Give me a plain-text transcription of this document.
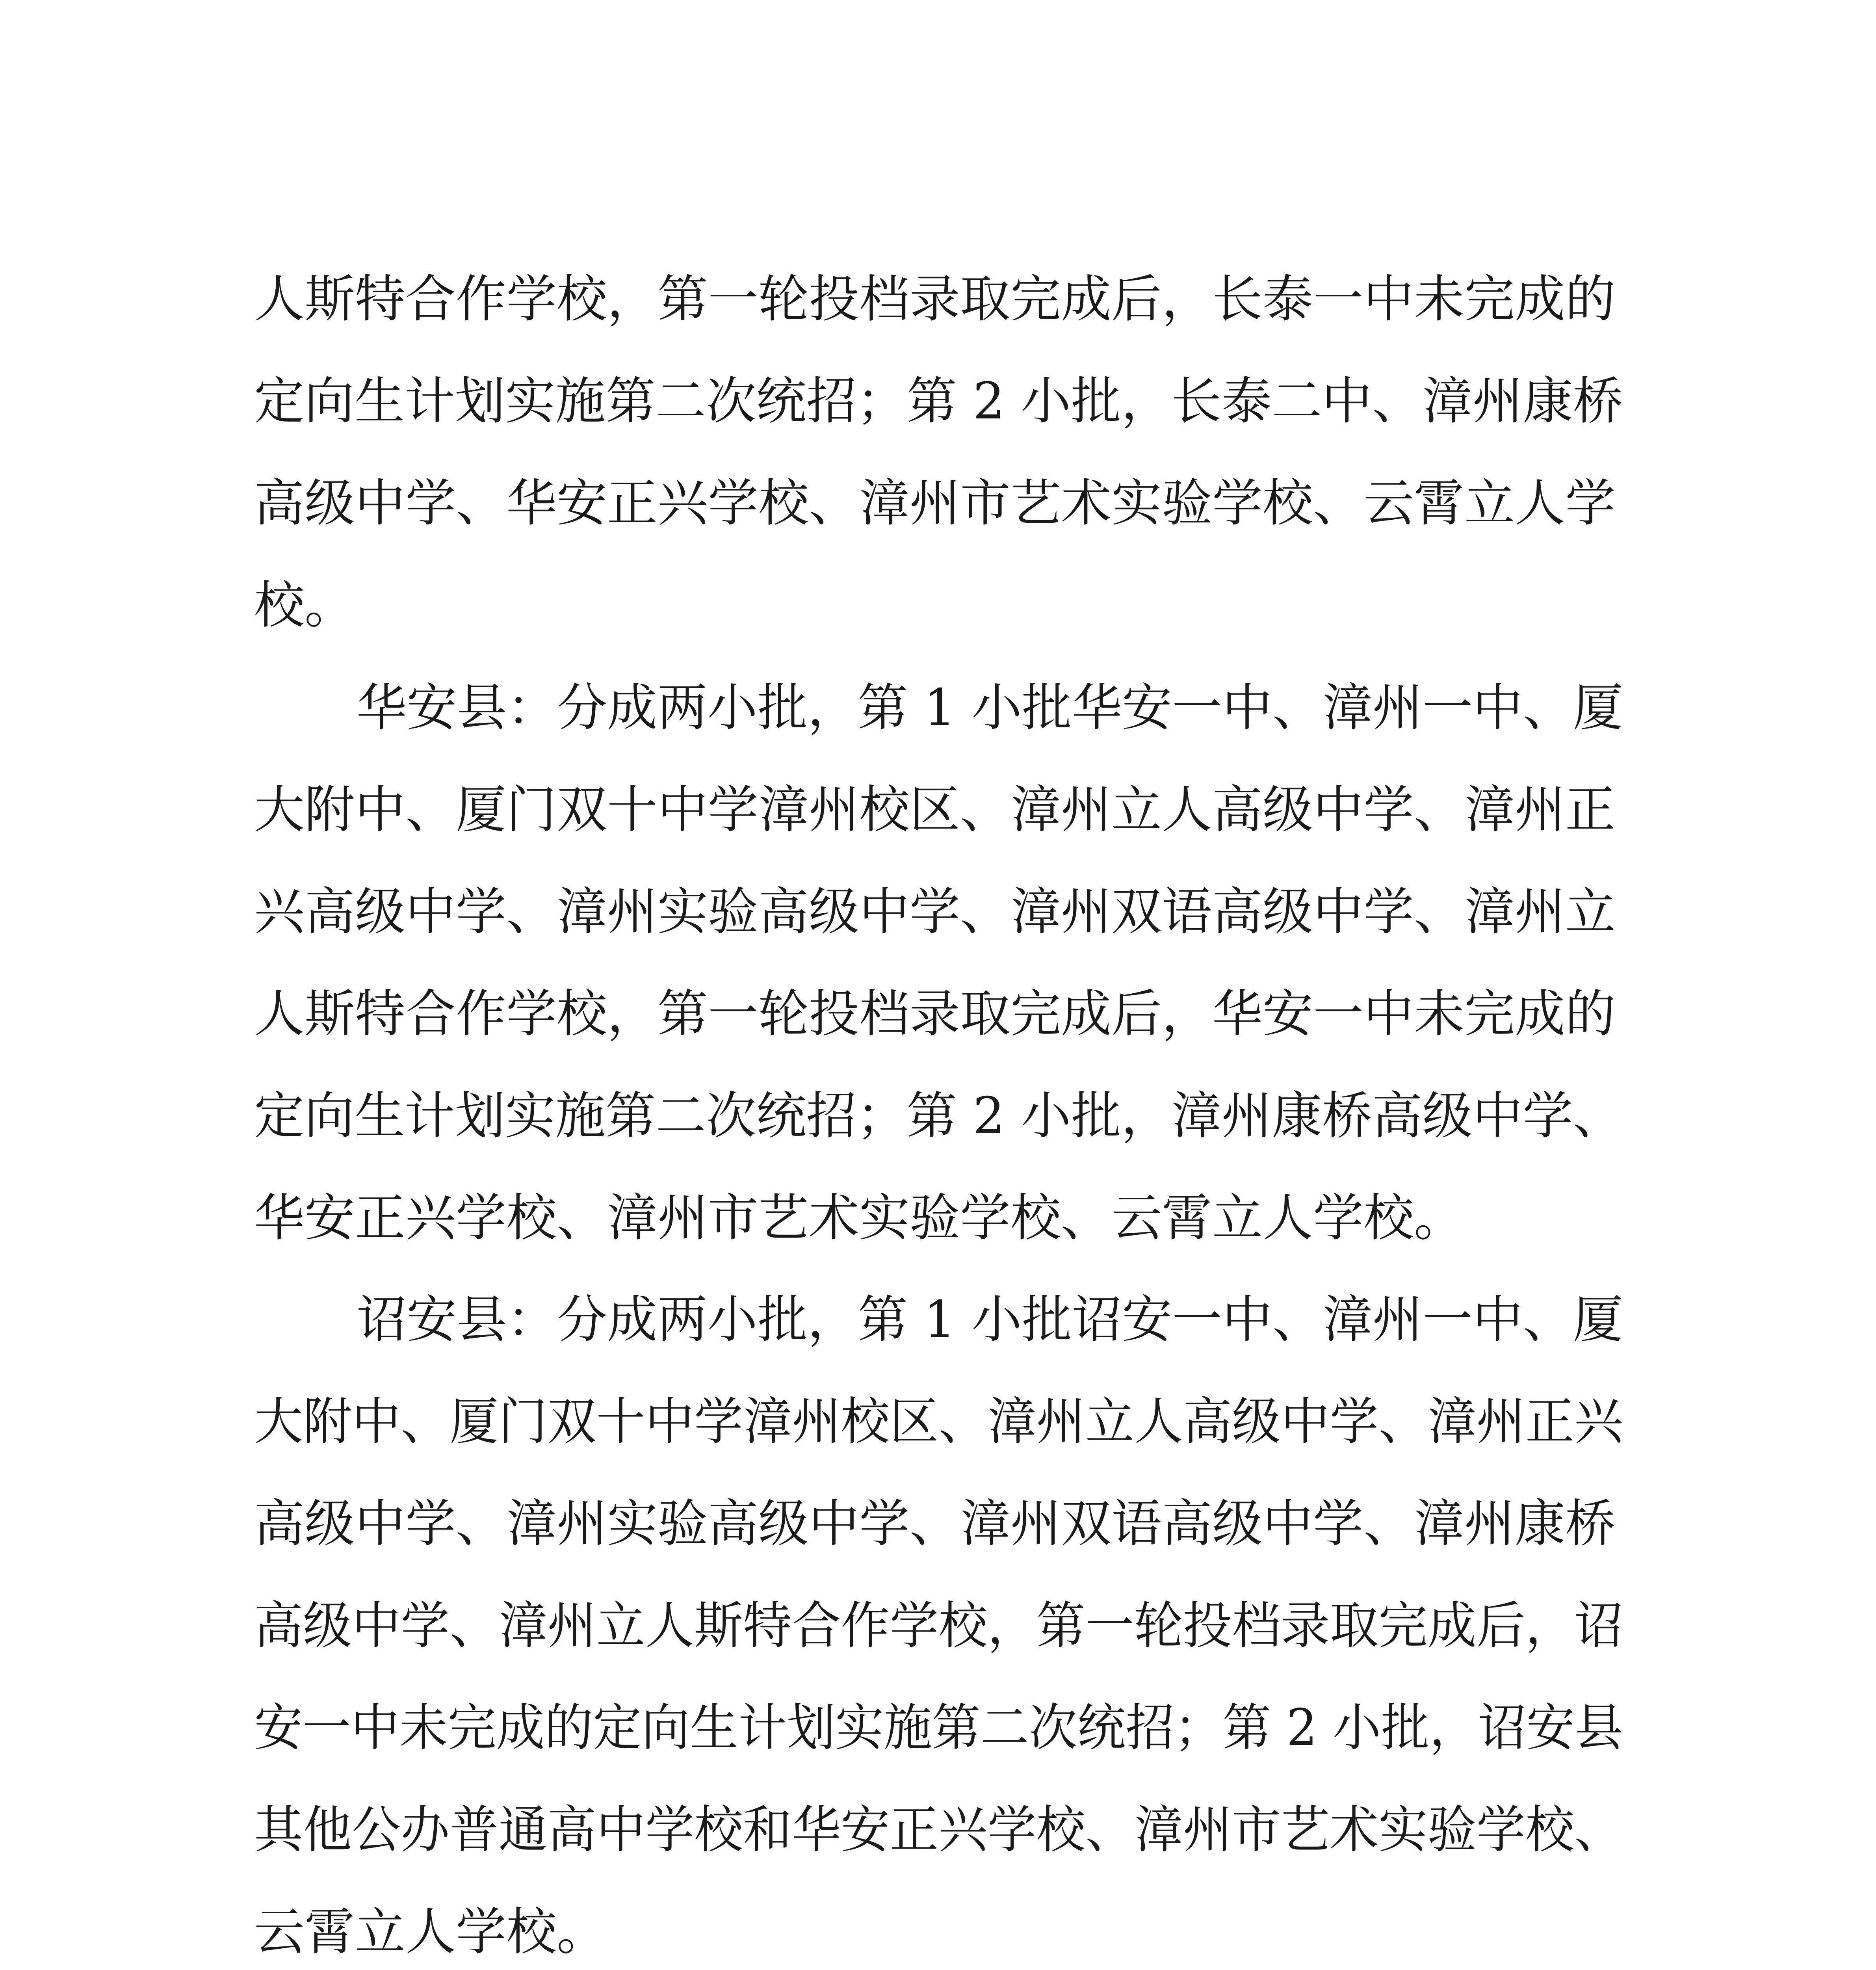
人斯特合作学校，第一轮投档录取完成后，长泰一中未完成的
定向生计划实施第二次统招；第 2 小批，长泰二中、漳州康桥
高级中学、华安正兴学校、漳州市艺术实验学校、云霄立人学
校。
华安县：分成两小批，第 1 小批华安一中、漳州一中、厦
大附中、厦门双十中学漳州校区、漳州立人高级中学、漳州正
兴高级中学、漳州实验高级中学、漳州双语高级中学、漳州立
人斯特合作学校，第一轮投档录取完成后，华安一中未完成的
定向生计划实施第二次统招；第 2 小批，漳州康桥高级中学、
华安正兴学校、漳州市艺术实验学校、云霄立人学校。
诏安县：分成两小批，第 1 小批诏安一中、漳州一中、厦
大附中、厦门双十中学漳州校区、漳州立人高级中学、漳州正兴
高级中学、漳州实验高级中学、漳州双语高级中学、漳州康桥
高级中学、漳州立人斯特合作学校，第一轮投档录取完成后，诏
安一中未完成的定向生计划实施第二次统招；第 2 小批，诏安县
其他公办普通高中学校和华安正兴学校、漳州市艺术实验学校、
云霄立人学校。
